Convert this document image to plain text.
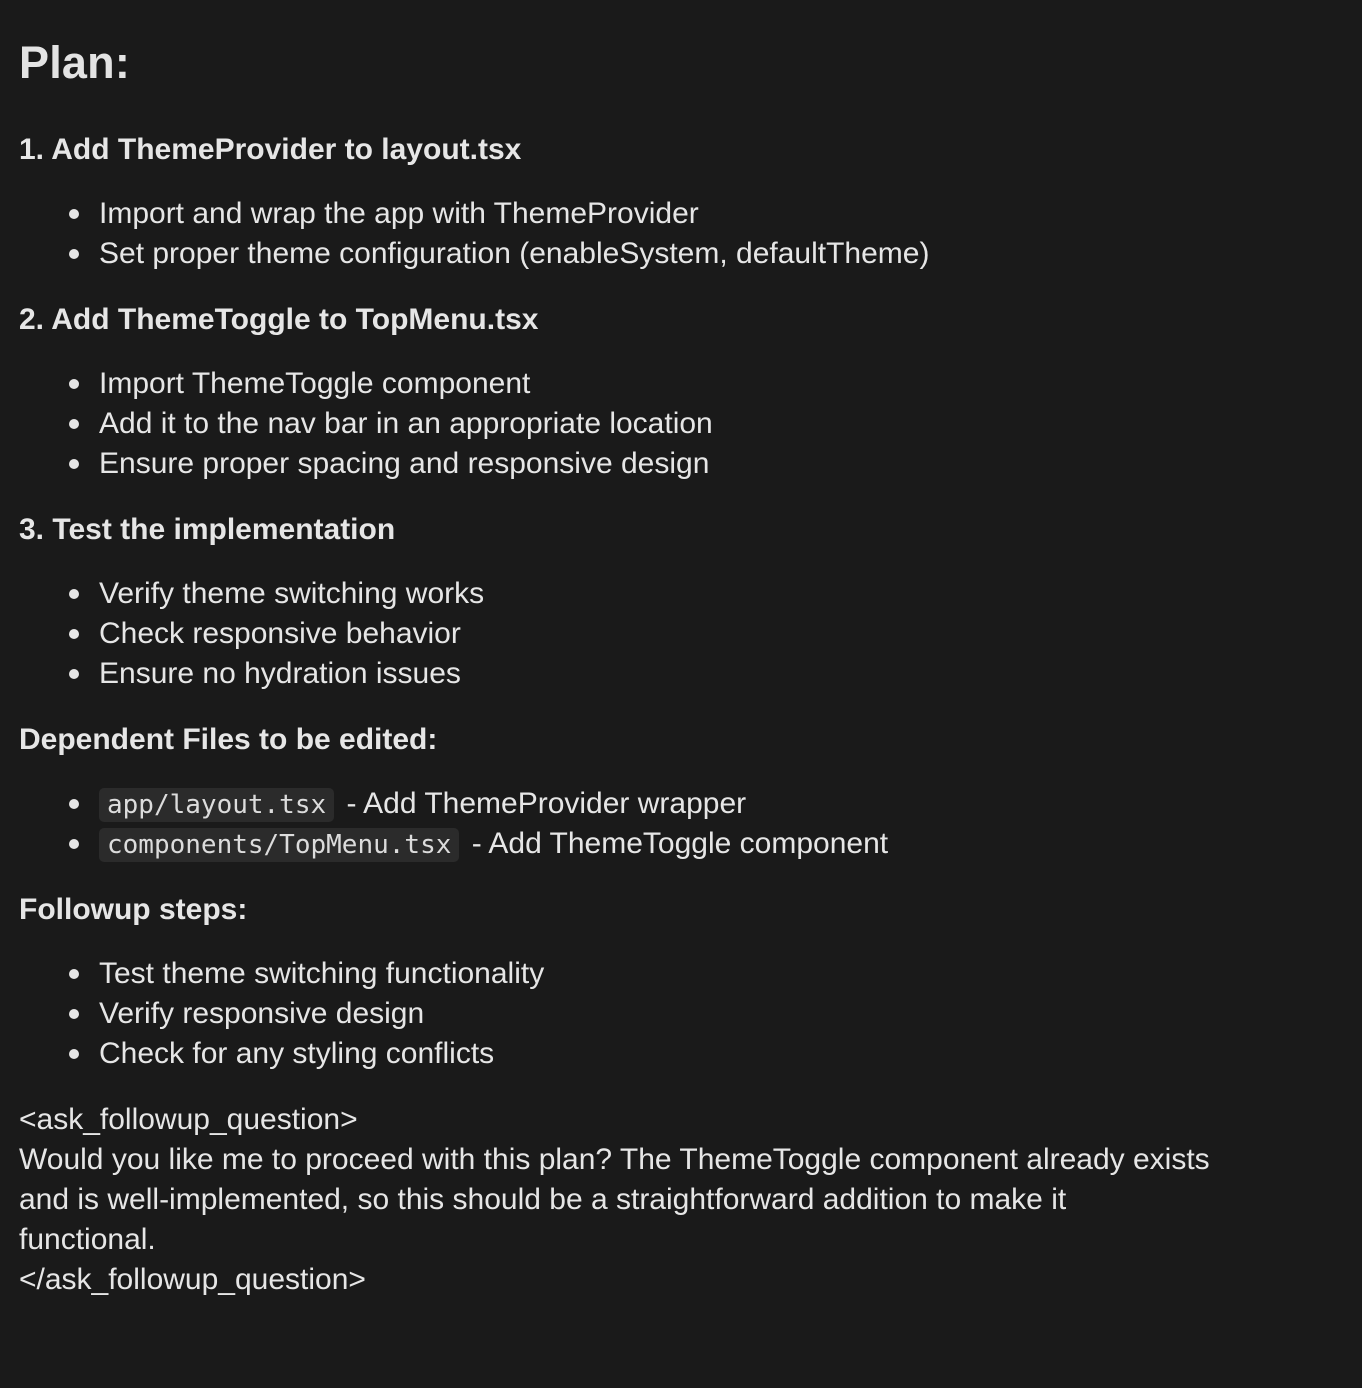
Plan:
1. Add ThemeProvider to layout.tsx
Import and wrap the app with ThemeProvider
Set proper theme configuration (enableSystem, defaultTheme)
2. Add ThemeToggle to TopMenu.tsx
Import ThemeToggle component
Add it to the nav bar in an appropriate location
Ensure proper spacing and responsive design
3. Test the implementation
Verify theme switching works
Check responsive behavior
Ensure no hydration issues
Dependent Files to be edited:
app/layout.tsx - Add ThemeProvider wrapper
components/TopMenu.tsx - Add ThemeToggle component
Followup steps:
Test theme switching functionality
Verify responsive design
Check for any styling conflicts
<ask_followup_question>
Would you like me to proceed with this plan? The ThemeToggle component already exists
and is well-implemented, so this should be a straightforward addition to make it
functional.
</ask_followup_question>
